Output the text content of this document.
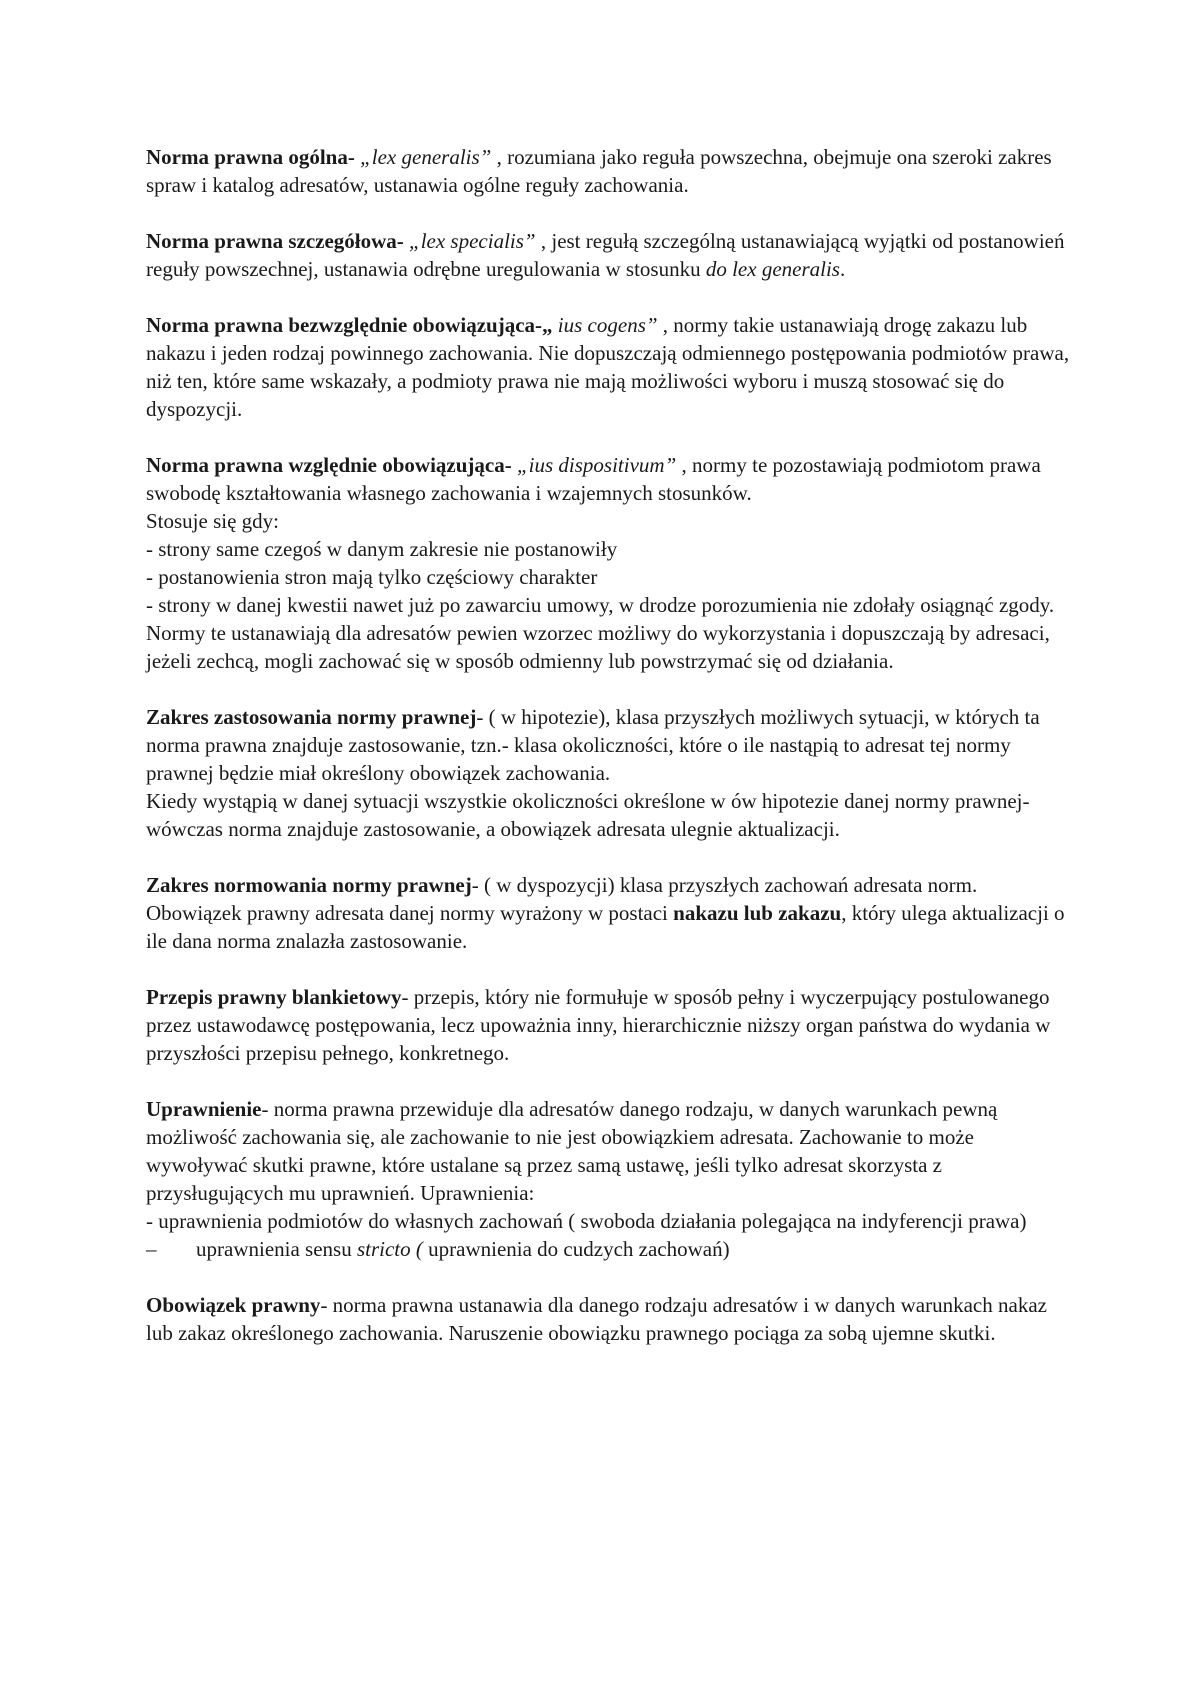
Norma prawna ogólna- „lex generalis” , rozumiana jako reguła powszechna, obejmuje ona szeroki zakres spraw i katalog adresatów, ustanawia ogólne reguły zachowania.

Norma prawna szczegółowa- „lex specialis” , jest regułą szczególną ustanawiającą wyjątki od postanowień reguły powszechnej, ustanawia odrębne uregulowania w stosunku do lex generalis.

Norma prawna bezwzględnie obowiązująca-„ ius cogens” , normy takie ustanawiają drogę zakazu lub nakazu i jeden rodzaj powinnego zachowania. Nie dopuszczają odmiennego postępowania podmiotów prawa, niż ten, które same wskazały, a podmioty prawa nie mają możliwości wyboru i muszą stosować się do dyspozycji.

Norma prawna względnie obowiązująca- „ius dispositivum” , normy te pozostawiają podmiotom prawa swobodę kształtowania własnego zachowania i wzajemnych stosunków.
Stosuje się gdy:
- strony same czegoś w danym zakresie nie postanowiły
- postanowienia stron mają tylko częściowy charakter
- strony w danej kwestii nawet już po zawarciu umowy, w drodze porozumienia nie zdołały osiągnąć zgody.
Normy te ustanawiają dla adresatów pewien wzorzec możliwy do wykorzystania i dopuszczają by adresaci, jeżeli zechcą, mogli zachować się w sposób odmienny lub powstrzymać się od działania.

Zakres zastosowania normy prawnej- ( w hipotezie), klasa przyszłych możliwych sytuacji, w których ta norma prawna znajduje zastosowanie, tzn.- klasa okoliczności, które o ile nastąpią to adresat tej normy prawnej będzie miał określony obowiązek zachowania.
Kiedy wystąpią w danej sytuacji wszystkie okoliczności określone w ów hipotezie danej normy prawnej- wówczas norma znajduje zastosowanie, a obowiązek adresata ulegnie aktualizacji.

Zakres normowania normy prawnej- ( w dyspozycji) klasa przyszłych zachowań adresata norm. Obowiązek prawny adresata danej normy wyrażony w postaci nakazu lub zakazu, który ulega aktualizacji o ile dana norma znalazła zastosowanie.

Przepis prawny blankietowy- przepis, który nie formułuje w sposób pełny i wyczerpujący postulowanego przez ustawodawcę postępowania, lecz upoważnia inny, hierarchicznie niższy organ państwa do wydania w przyszłości przepisu pełnego, konkretnego.

Uprawnienie- norma prawna przewiduje dla adresatów danego rodzaju, w danych warunkach pewną możliwość zachowania się, ale zachowanie to nie jest obowiązkiem adresata. Zachowanie to może wywoływać skutki prawne, które ustalane są przez samą ustawę, jeśli tylko adresat skorzysta z przysługujących mu uprawnień. Uprawnienia:
- uprawnienia podmiotów do własnych zachowań ( swoboda działania polegająca na indyferencji prawa)
–	uprawnienia sensu stricto ( uprawnienia do cudzych zachowań)

Obowiązek prawny- norma prawna ustanawia dla danego rodzaju adresatów i w danych warunkach nakaz lub zakaz określonego zachowania. Naruszenie obowiązku prawnego pociąga za sobą ujemne skutki.
